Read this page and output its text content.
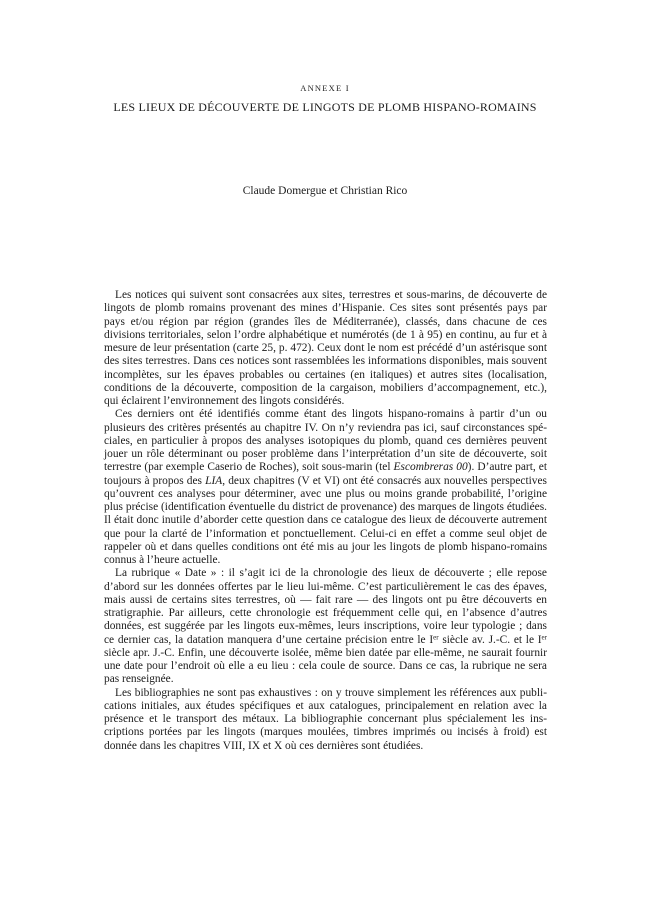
ANNEXE I
LES LIEUX DE DÉCOUVERTE DE LINGOTS DE PLOMB HISPANO-ROMAINS
Claude Domergue et Christian Rico

Les notices qui suivent sont consacrées aux sites, terrestres et sous-marins, de découverte de lingots de plomb romains provenant des mines d’Hispanie. Ces sites sont présentés pays par pays et/ou région par région (grandes îles de Méditerranée), classés, dans chacune de ces divisions territoriales, selon l’ordre alphabétique et numérotés (de 1 à 95) en continu, au fur et à mesure de leur présentation (carte 25, p. 472). Ceux dont le nom est précédé d’un astérisque sont des sites terrestres. Dans ces notices sont rassemblées les informations disponibles, mais souvent incomplètes, sur les épaves probables ou certaines (en italiques) et autres sites (localisation, conditions de la découverte, composition de la cargaison, mobiliers d’accompagnement, etc.), qui éclairent l’environnement des lingots considérés.

Ces derniers ont été identifiés comme étant des lingots hispano-romains à partir d’un ou plusieurs des critères présentés au chapitre IV. On n’y reviendra pas ici, sauf circonstances spéciales, en particulier à propos des analyses isotopiques du plomb, quand ces dernières peuvent jouer un rôle déterminant ou poser problème dans l’interprétation d’un site de découverte, soit terrestre (par exemple Caserio de Roches), soit sous-marin (tel Escombreras 00). D’autre part, et toujours à propos des LIA, deux chapitres (V et VI) ont été consacrés aux nouvelles perspectives qu’ouvrent ces analyses pour déterminer, avec une plus ou moins grande probabilité, l’origine plus précise (identification éventuelle du district de provenance) des marques de lingots étudiées. Il était donc inutile d’aborder cette question dans ce catalogue des lieux de découverte autrement que pour la clarté de l’information et ponctuellement. Celui-ci en effet a comme seul objet de rappeler où et dans quelles conditions ont été mis au jour les lingots de plomb hispano-romains connus à l’heure actuelle.

La rubrique « Date » : il s’agit ici de la chronologie des lieux de découverte ; elle repose d’abord sur les données offertes par le lieu lui-même. C’est particulièrement le cas des épaves, mais aussi de certains sites terrestres, où — fait rare — des lingots ont pu être découverts en stratigraphie. Par ailleurs, cette chronologie est fréquemment celle qui, en l’absence d’autres données, est suggérée par les lingots eux-mêmes, leurs inscriptions, voire leur typologie ; dans ce dernier cas, la datation manquera d’une certaine précision entre le Ier siècle av. J.-C. et le Ier siècle apr. J.-C. Enfin, une découverte isolée, même bien datée par elle-même, ne saurait fournir une date pour l’endroit où elle a eu lieu : cela coule de source. Dans ce cas, la rubrique ne sera pas renseignée.

Les bibliographies ne sont pas exhaustives : on y trouve simplement les références aux publications initiales, aux études spécifiques et aux catalogues, principalement en relation avec la présence et le transport des métaux. La bibliographie concernant plus spécialement les inscriptions portées par les lingots (marques moulées, timbres imprimés ou incisés à froid) est donnée dans les chapitres VIII, IX et X où ces dernières sont étudiées.
